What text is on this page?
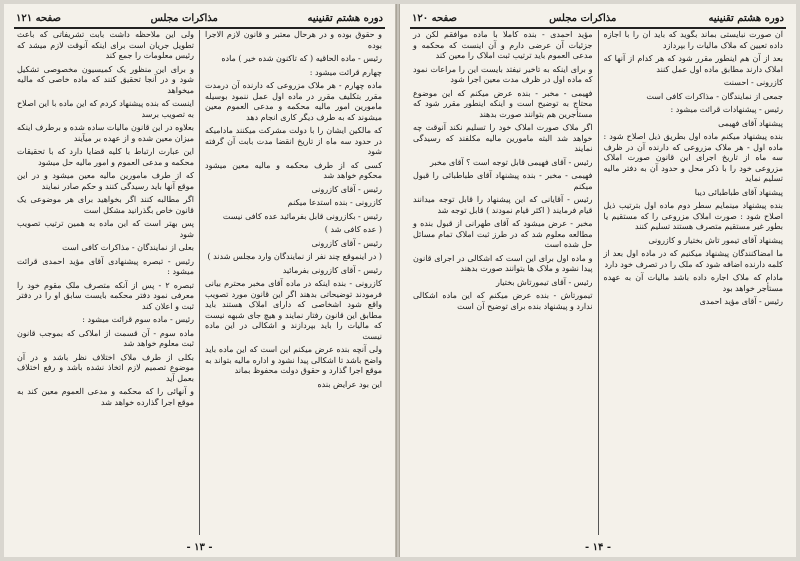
دوره هشتم تقنینیه
مذاکرات مجلس
صفحه ۱۲۱

و حقوق بوده و در هرحال معتبر و قانون لازم الاجرا بوده

رئیس - ماده الحاقیه ( که تاکنون شده خیر ) ماده

چهارم قرائت میشود :

ماده چهارم - هر ملاک مزروعی که دارنده آن درمدت مقرر بتکلیف مقرر در ماده اول عمل ننمود بوسیله مامورین امور مالیه محکمه و مدعی العموم معین میشوند که به طرف دیگر کاری انجام دهد

که مالکین ایشان را با دولت مشرکت میکنند مادامیکه در حدود سه ماه از تاریخ انقضا مدت بابت آن گرفته شود

کسی که از طرف محکمه و مالیه معین میشود محکوم خواهد شد

رئیس - آقای کازرونی

کازرونی - بنده استدعا میکنم

رئیس - بکازرونی قابل بفرمائید عده کافی نیست

( عده کافی شد )

رئیس - آقای کازرونی

( در اینموقع چند نفر از نمایندگان وارد مجلس شدند )

رئیس - آقای کازرونی بفرمائید

کازرونی - بنده اینکه در ماده آقای مخبر محترم بیانی فرمودند توضیحاتی بدهند اگر این قانون مورد تصویب واقع شود اشخاصی که دارای املاک هستند باید مطابق این قانون رفتار نمایند و هیچ جای شبهه نیست که مالیات را باید بپردازند و اشکالی در این ماده نیست

ولی آنچه بنده عرض میکنم این است که این ماده باید واضح باشد تا اشکالی پیدا نشود و اداره مالیه بتواند به موقع اجرا گذارد و حقوق دولت محفوظ بماند

این بود عرایض بنده

ولی این ملاحظه داشت بابت تشریفاتی که باعث تطویل جریان است برای اینکه آنوقت لازم میشد که رئیس معلومات را جمع کند

و برای این منظور یک کمیسیون مخصوصی تشکیل شود و در آنجا تحقیق کنند که ماده خاصی که مالیه میخواهد

اینست که بنده پیشنهاد کردم که این ماده با این اصلاح به تصویب برسد

بعلاوه در این قانون مالیات ساده شده و برطرف اینکه میزان معین شده و از عهده بر میآیند

این عبارت ارتباط با کلیه قضایا دارد که با تحقیقات محکمه و مدعی العموم و امور مالیه حل میشود

که از طرف مامورین مالیه معین میشود و در این موقع آنها باید رسیدگی کنند و حکم صادر نمایند

اگر مطالبه کنند اگر بخواهید برای هر موضوعی یک قانون خاص بگذرانید مشکل است

پس بهتر است که این ماده به همین ترتیب تصویب شود

بعلی از نمایندگان - مذاکرات کافی است

رئیس - تبصره پیشنهادی آقای مؤید احمدی قرائت میشود :

تبصره ۲ - پس از آنکه متصرف ملک مقوم خود را معرفی نمود دفتر محکمه بایست سابق او را در دفتر ثبت و اعلان کند

رئیس - ماده سوم قرائت میشود :

ماده سوم - آن قسمت از املاکی که بموجب قانون ثبت معلوم خواهد شد

بکلی از طرف ملاک اختلاف نظر باشد و در آن موضوع تصمیم لازم اتخاذ نشده باشد و رفع اختلاف بعمل آید

و آنهائی را که محکمه و مدعی العموم معین کند به موقع اجرا گذارده خواهد شد

- ۱۳ -
دوره هشتم تقنینیه
مذاکرات مجلس
صفحه ۱۲۰

آن صورت نبایستی بماند بگوید که باید آن را با اجازه داده تعیین که ملاک مالیات را بپردازد

بعد از آن هم اینطور مقرر شود که هر کدام از آنها که املاک دارند مطابق ماده اول عمل کنند

کازرونی - احسنت

جمعی از نمایندگان - مذاکرات کافی است

رئیس - پیشنهادات قرائت میشود :

پیشنهاد آقای فهیمی

بنده پیشنهاد میکنم ماده اول بطریق ذیل اصلاح شود : ماده اول - هر ملاک مزروعی که دارنده آن در ظرف سه ماه از تاریخ اجرای این قانون صورت املاک مزروعی خود را با ذکر محل و حدود آن به دفتر مالیه تسلیم نماید

پیشنهاد آقای طباطبائی دیبا

بنده پیشنهاد مینمایم سطر دوم ماده اول بترتیب ذیل اصلاح شود : صورت املاک مزروعی را که مستقیم یا بطور غیر مستقیم متصرف هستند تسلیم کنند

پیشنهاد آقای تیمور تاش بختیار و کازرونی

ما امضاکنندگان پیشنهاد میکنیم که در ماده اول بعد از کلمه دارنده اضافه شود که ملک را در تصرف خود دارد

مادام که ملاک اجاره داده باشد مالیات آن به عهده مستأجر خواهد بود

رئیس - آقای مؤید احمدی

مؤید احمدی - بنده کاملا با ماده موافقم لکن در جزئیات آن عرضی دارم و آن اینست که محکمه و مدعی العموم باید ترتیب ثبت املاک را معین کند

و برای اینکه به تاخیر نیفتد بایست این را مراعات نمود که ماده اول در ظرف مدت معین اجرا شود

فهیمی - مخبر - بنده عرض میکنم که این موضوع محتاج به توضیح است و اینکه اینطور مقرر شود که مستأجرین هم بتوانند صورت بدهند

اگر ملاک صورت املاک خود را تسلیم نکند آنوقت چه خواهد شد البته مامورین مالیه مکلفند که رسیدگی نمایند

رئیس - آقای فهیمی قابل توجه است ؟ آقای مخبر

فهیمی - مخبر - بنده پیشنهاد آقای طباطبائی را قبول میکنم

رئیس - آقایانی که این پیشنهاد را قابل توجه میدانند قیام فرمایند ( اکثر قیام نمودند ) قابل توجه شد

مخبر - عرض میشود که آقای طهرانی از قبول بنده و مطالعه معلوم شد که در طرز ثبت املاک تمام مسائل حل شده است

و ماده اول برای این است که اشکالی در اجرای قانون پیدا نشود و ملاک ها بتوانند صورت بدهند

رئیس - آقای تیمورتاش بختیار

تیمورتاش - بنده عرض میکنم که این ماده اشکالی ندارد و پیشنهاد بنده برای توضیح آن است

- ۱۴ -
